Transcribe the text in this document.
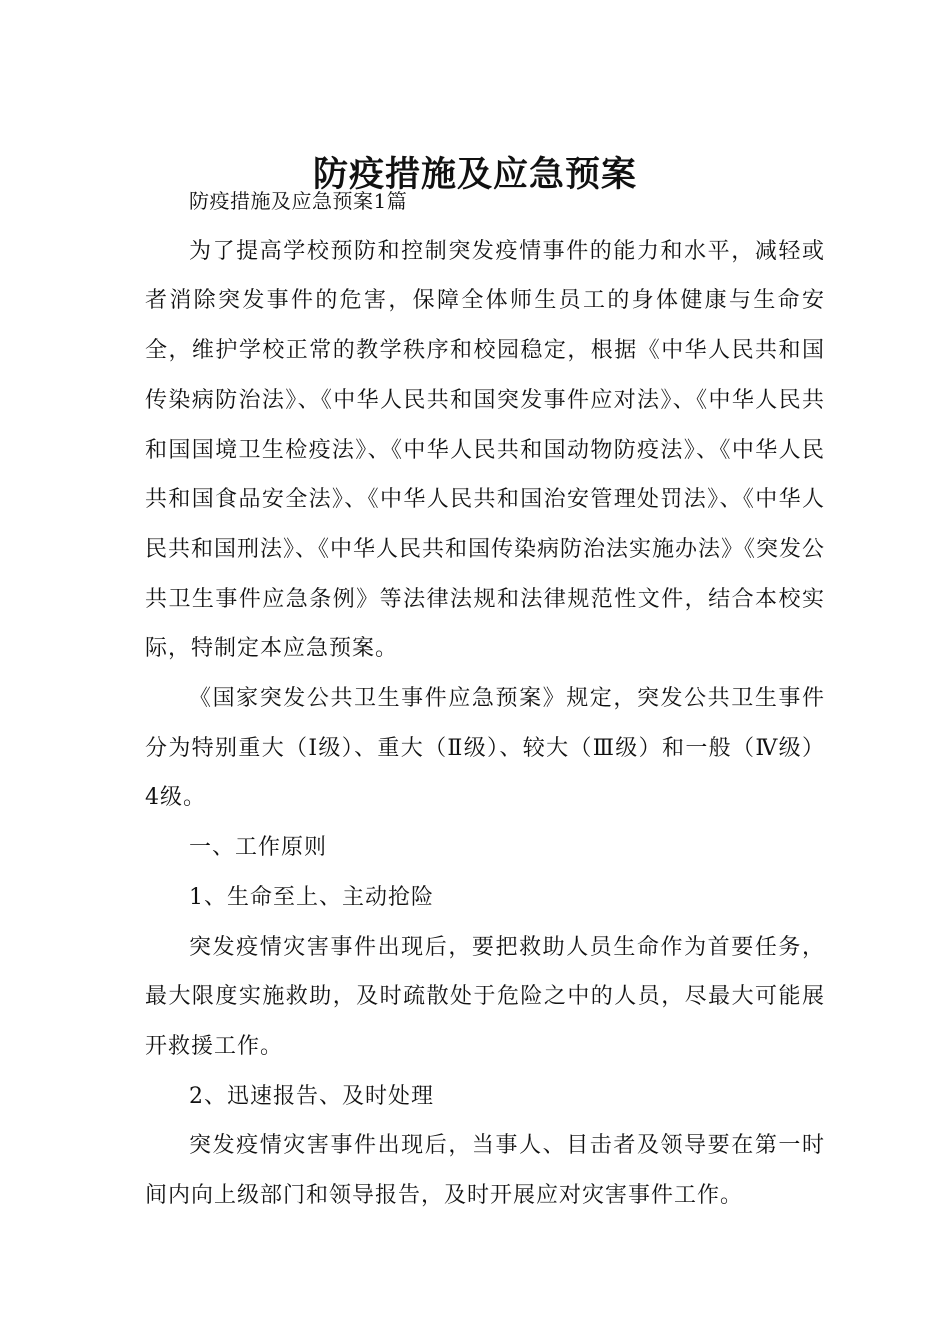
防疫措施及应急预案

防疫措施及应急预案1篇

为了提高学校预防和控制突发疫情事件的能力和水平，减轻或者消除突发事件的危害，保障全体师生员工的身体健康与生命安全，维护学校正常的教学秩序和校园稳定，根据《中华人民共和国传染病防治法》、《中华人民共和国突发事件应对法》、《中华人民共和国国境卫生检疫法》、《中华人民共和国动物防疫法》、《中华人民共和国食品安全法》、《中华人民共和国治安管理处罚法》、《中华人民共和国刑法》、《中华人民共和国传染病防治法实施办法》《突发公共卫生事件应急条例》等法律法规和法律规范性文件，结合本校实际，特制定本应急预案。

《国家突发公共卫生事件应急预案》规定，突发公共卫生事件分为特别重大（Ⅰ级）、重大（Ⅱ级）、较大（Ⅲ级）和一般（Ⅳ级）4级。

一、工作原则

1、生命至上、主动抢险

突发疫情灾害事件出现后，要把救助人员生命作为首要任务，最大限度实施救助，及时疏散处于危险之中的人员，尽最大可能展开救援工作。

2、迅速报告、及时处理

突发疫情灾害事件出现后，当事人、目击者及领导要在第一时间内向上级部门和领导报告，及时开展应对灾害事件工作。
